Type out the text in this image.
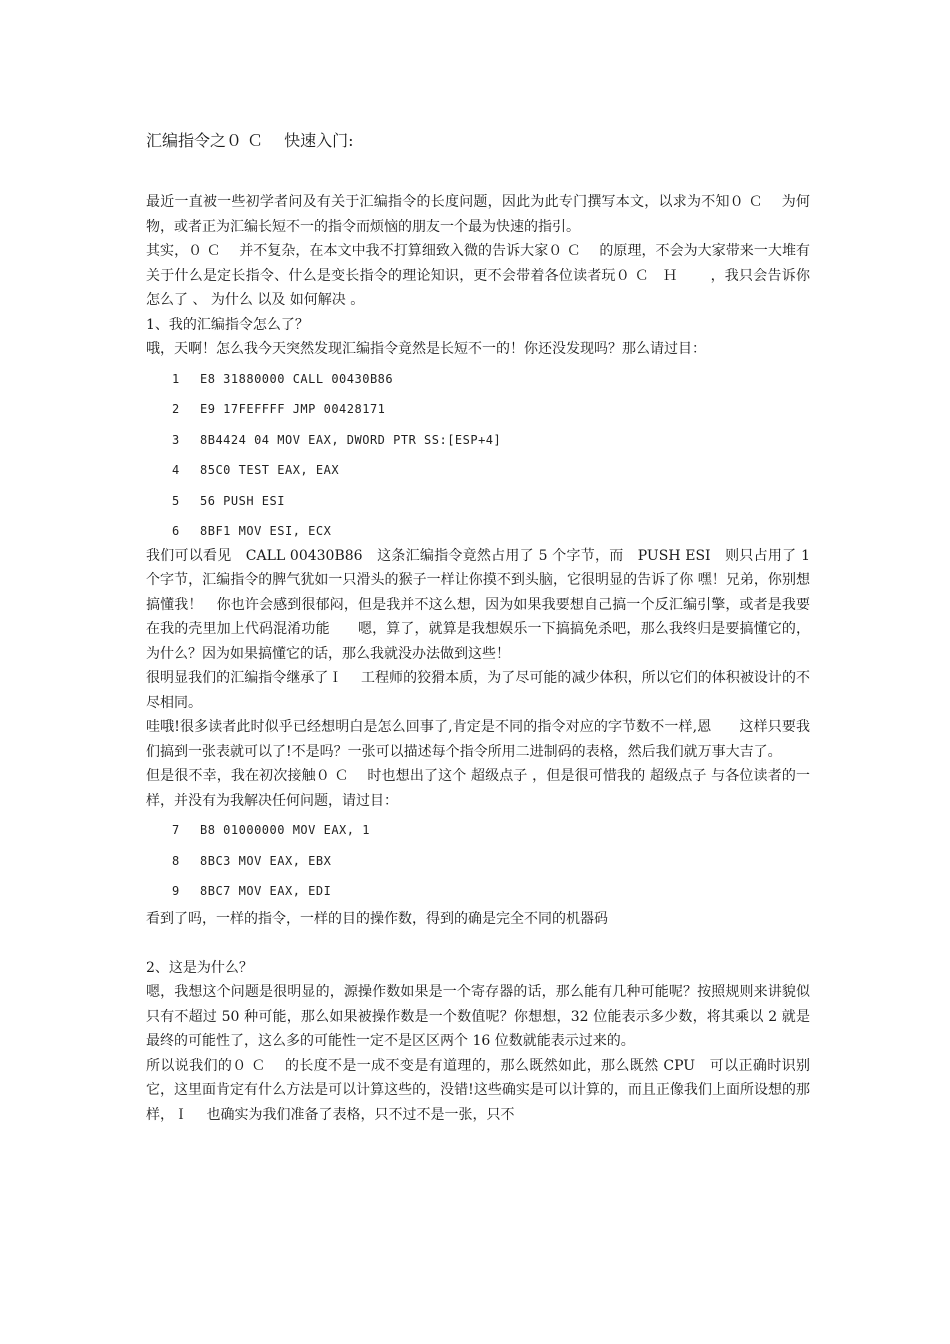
汇编指令之０ Ｃ　 快速入门:

最近一直被一些初学者问及有关于汇编指令的长度问题，因此为此专门撰写本文，以求为不知０ Ｃ　 为何物，或者正为汇编长短不一的指令而烦恼的朋友一个最为快速的指引。

其实，０ Ｃ　 并不复杂，在本文中我不打算细致入微的告诉大家０ Ｃ　 的原理，不会为大家带来一大堆有关于什么是定长指令、什么是变长指令的理论知识，更不会带着各位读者玩０ Ｃ　Ｈ　　 ，我只会告诉你 怎么了 、 为什么 以及 如何解决 。

1、我的汇编指令怎么了？

哦，天啊！怎么我今天突然发现汇编指令竟然是长短不一的！你还没发现吗？那么请过目：

1	E8 31880000 CALL 00430B86
2	E9 17FEFFFF JMP 00428171
3	8B4424 04 MOV EAX, DWORD PTR SS:[ESP+4]
4	85C0 TEST EAX, EAX
5	56 PUSH ESI
6	8BF1 MOV ESI, ECX

我们可以看见　CALL 00430B86　这条汇编指令竟然占用了 5 个字节，而　PUSH ESI　则只占用了 1 个字节，汇编指令的脾气犹如一只滑头的猴子一样让你摸不到头脑，它很明显的告诉了你 嘿！兄弟，你别想搞懂我！　你也许会感到很郁闷，但是我并不这么想，因为如果我要想自己搞一个反汇编引擎，或者是我要在我的壳里加上代码混淆功能　　嗯，算了，就算是我想娱乐一下搞搞免杀吧，那么我终归是要搞懂它的，为什么？因为如果搞懂它的话，那么我就没办法做到这些！

很明显我们的汇编指令继承了Ｉ　 工程师的狡猾本质，为了尽可能的减少体积，所以它们的体积被设计的不尽相同。

哇哦!很多读者此时似乎已经想明白是怎么回事了,肯定是不同的指令对应的字节数不一样,恩　　这样只要我们搞到一张表就可以了!不是吗？一张可以描述每个指令所用二进制码的表格，然后我们就万事大吉了。

但是很不幸，我在初次接触０ Ｃ　 时也想出了这个 超级点子 ，但是很可惜我的 超级点子 与各位读者的一样，并没有为我解决任何问题，请过目：

7	B8 01000000 MOV EAX, 1
8	8BC3 MOV EAX, EBX
9	8BC7 MOV EAX, EDI

看到了吗，一样的指令，一样的目的操作数，得到的确是完全不同的机器码

2、这是为什么？

嗯，我想这个问题是很明显的，源操作数如果是一个寄存器的话，那么能有几种可能呢？按照规则来讲貌似只有不超过 50 种可能，那么如果被操作数是一个数值呢？你想想，32 位能表示多少数，将其乘以 2 就是最终的可能性了，这么多的可能性一定不是区区两个 16 位数就能表示过来的。

所以说我们的０ Ｃ　 的长度不是一成不变是有道理的，那么既然如此，那么既然 CPU　可以正确时识别它，这里面肯定有什么方法是可以计算这些的，没错!这些确实是可以计算的，而且正像我们上面所设想的那样，Ｉ　 也确实为我们准备了表格，只不过不是一张，只不
